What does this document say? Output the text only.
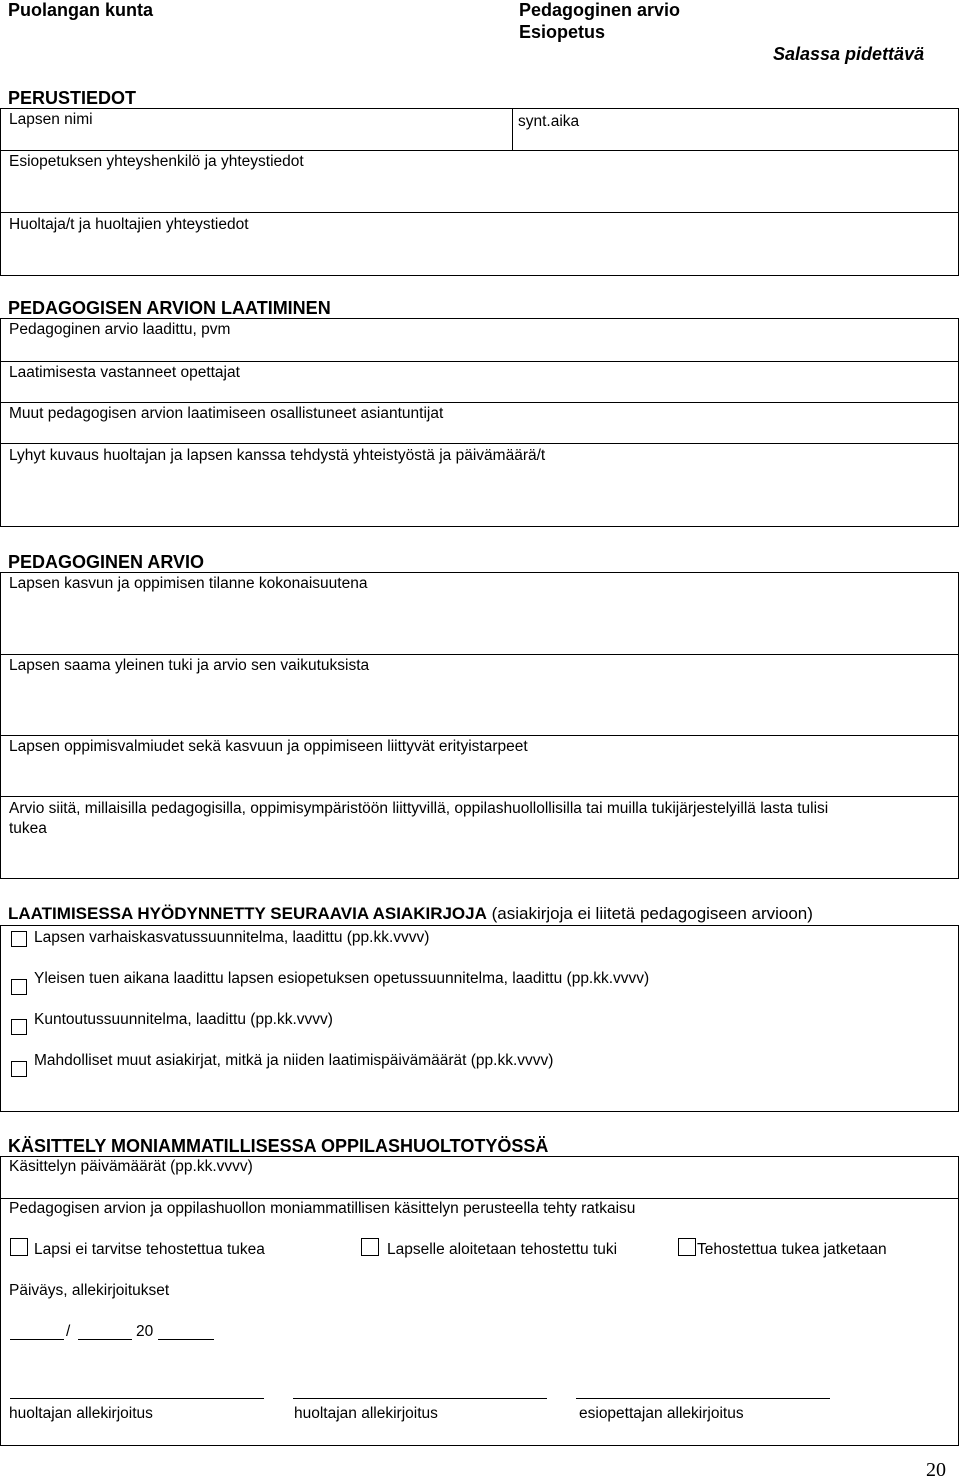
Puolangan kunta	Pedagoginen arvio
Esiopetus
Salassa pidettävä
PERUSTIEDOT
Lapsen nimi	synt.aika
Esiopetuksen yhteyshenkilö ja yhteystiedot
Huoltaja/t ja huoltajien yhteystiedot
PEDAGOGISEN ARVION LAATIMINEN
Pedagoginen arvio laadittu, pvm
Laatimisesta vastanneet opettajat
Muut pedagogisen arvion laatimiseen osallistuneet asiantuntijat
Lyhyt kuvaus huoltajan ja lapsen kanssa tehdystä yhteistyöstä ja päivämäärä/t
PEDAGOGINEN ARVIO
Lapsen kasvun ja oppimisen tilanne kokonaisuutena
Lapsen saama yleinen tuki ja arvio sen vaikutuksista
Lapsen oppimisvalmiudet sekä kasvuun ja oppimiseen liittyvät erityistarpeet
Arvio siitä, millaisilla pedagogisilla, oppimisympäristöön liittyvillä, oppilashuollollisilla tai muilla tukijärjestelyillä lasta tulisi
tukea
LAATIMISESSA HYÖDYNNETTY SEURAAVIA ASIAKIRJOJA (asiakirjoja ei liitetä pedagogiseen arvioon)
Lapsen varhaiskasvatussuunnitelma, laadittu (pp.kk.vvvv)
Yleisen tuen aikana laadittu lapsen esiopetuksen opetussuunnitelma, laadittu (pp.kk.vvvv)
Kuntoutussuunnitelma, laadittu (pp.kk.vvvv)
Mahdolliset muut asiakirjat, mitkä ja niiden laatimispäivämäärät (pp.kk.vvvv)
KÄSITTELY MONIAMMATILLISESSA OPPILASHUOLTOTYÖSSÄ
Käsittelyn päivämäärät (pp.kk.vvvv)
Pedagogisen arvion ja oppilashuollon moniammatillisen käsittelyn perusteella tehty ratkaisu
Lapsi ei tarvitse tehostettua tukea	Lapselle aloitetaan tehostettu tuki	Tehostettua tukea jatketaan
Päiväys, allekirjoitukset
/	20
huoltajan allekirjoitus	huoltajan allekirjoitus	esiopettajan allekirjoitus
20
